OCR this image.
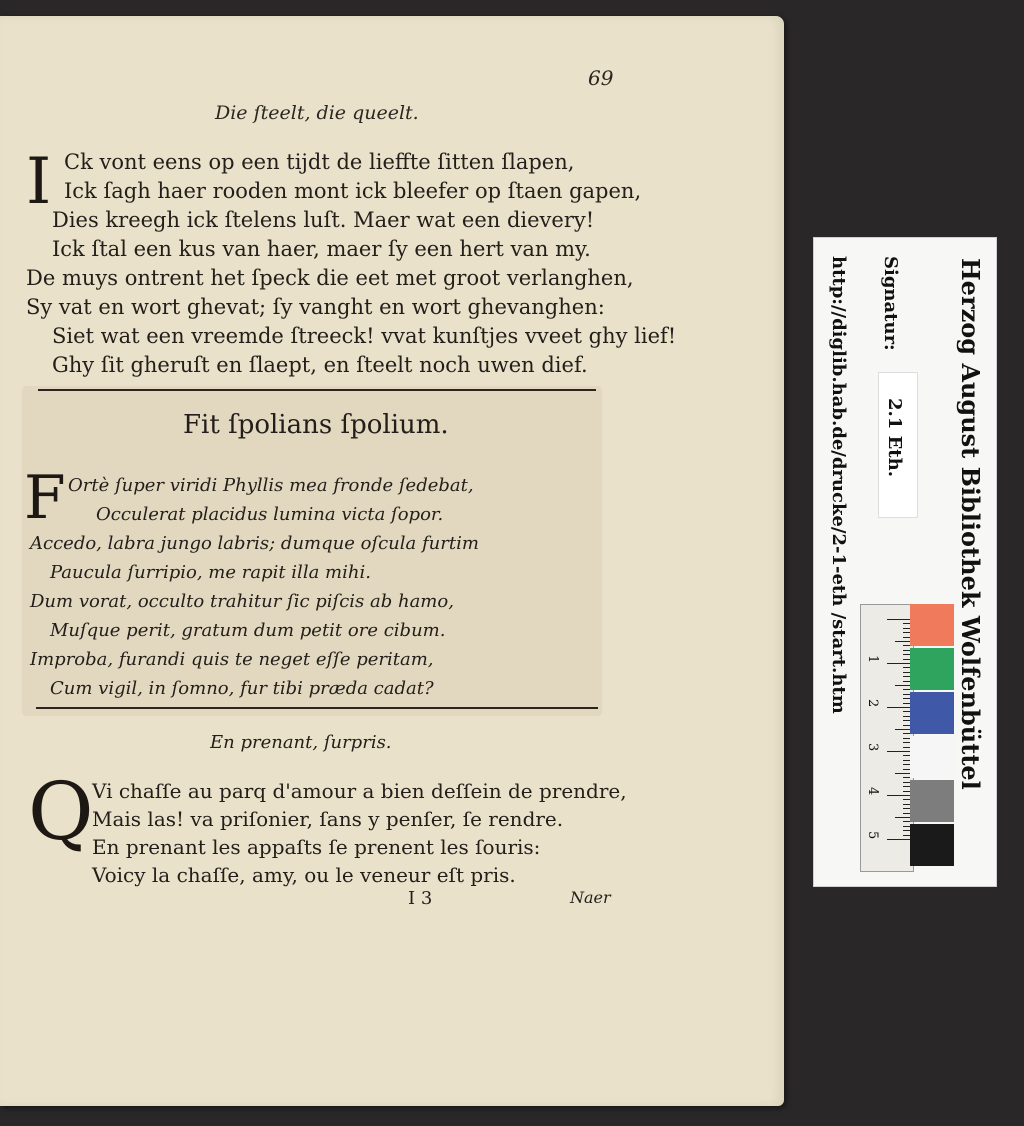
69
Die ſteelt, die queelt.
I Ck vont eens op een tijdt de lieffte ſitten ſlapen,
Ick ſagh haer rooden mont ick bleefer op ſtaen gapen,
Dies kreegh ick ſtelens luſt. Maer wat een dievery!
Ick ſtal een kus van haer, maer ſy een hert van my.
De muys ontrent het ſpeck die eet met groot verlanghen,
Sy vat en wort ghevat; ſy vanght en wort ghevanghen:
Siet wat een vreemde ſtreeck! vvat kunſtjes vveet ghy lief!
Ghy ſit gheruſt en ſlaept, en ſteelt noch uwen dief.
Fit ſpolians ſpolium.
F Ortè ſuper viridi Phyllis mea fronde ſedebat,
Occulerat placidus lumina victa ſopor.
Accedo, labra jungo labris; dumque oſcula furtim
Paucula ſurripio, me rapit illa mihi.
Dum vorat, occulto trahitur ſic piſcis ab hamo,
Muſque perit, gratum dum petit ore cibum.
Improba, furandi quis te neget eſſe peritam,
Cum vigil, in ſomno, fur tibi præda cadat?
En prenant, ſurpris.
Q
Vi chaſſe au parq d'amour a bien deſſein de prendre,
Mais las! va priſonier, ſans y penſer, ſe rendre.
En prenant les appaſts ſe prenent les ſouris:
Voicy la chaſſe, amy, ou le veneur eſt pris.
I 3	Naer
Herzog August Bibliothek Wolfenbüttel
Signatur:
2.1 Eth.
http://diglib.hab.de/drucke/2-1-eth /start.htm 1
2
3
4
5
